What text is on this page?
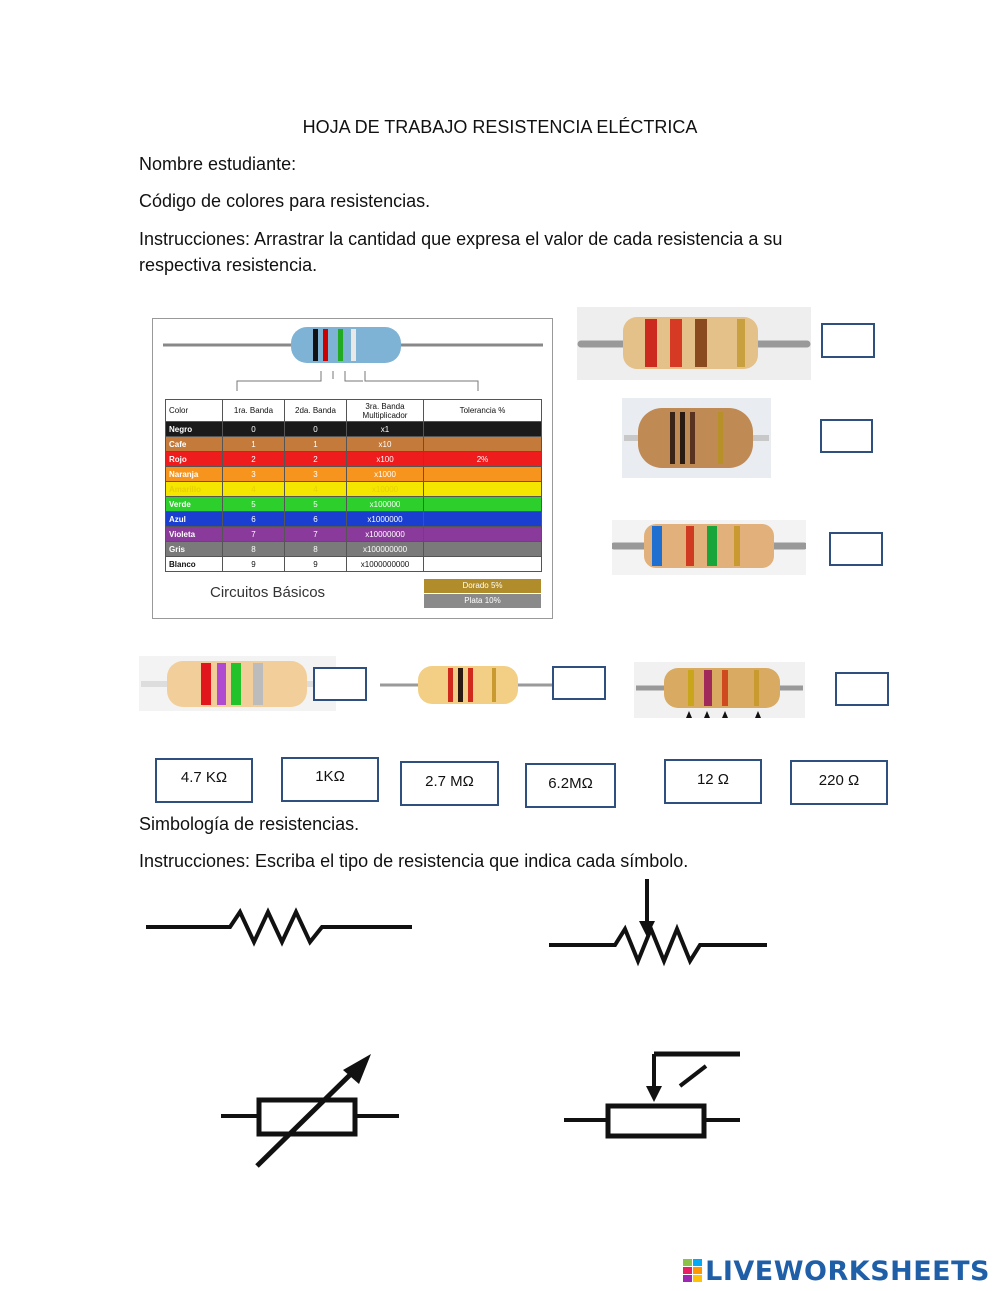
HOJA DE TRABAJO RESISTENCIA ELÉCTRICA
Nombre estudiante:
Código de colores para resistencias.
Instrucciones: Arrastrar la cantidad que expresa el valor de cada resistencia a su respectiva resistencia.
Color	1ra. Banda	2da. Banda	3ra. Banda Multiplicador	Tolerancia %
Negro	0	0	x1	
Cafe	1	1	x10	
Rojo	2	2	x100	2%
Naranja	3	3	x1000	
Amarillo	4	4	x10000	
Verde	5	5	x100000	
Azul	6	6	x1000000	
Violeta	7	7	x10000000	
Gris	8	8	x100000000	
Blanco	9	9	x1000000000	
Dorado 5%
Plata 10%
Circuitos Básicos
4.7 KΩ	1KΩ	2.7 MΩ	6.2MΩ	12 Ω	220 Ω
Simbología de resistencias.
Instrucciones: Escriba el tipo de resistencia que indica cada símbolo.
LIVEWORKSHEETS
